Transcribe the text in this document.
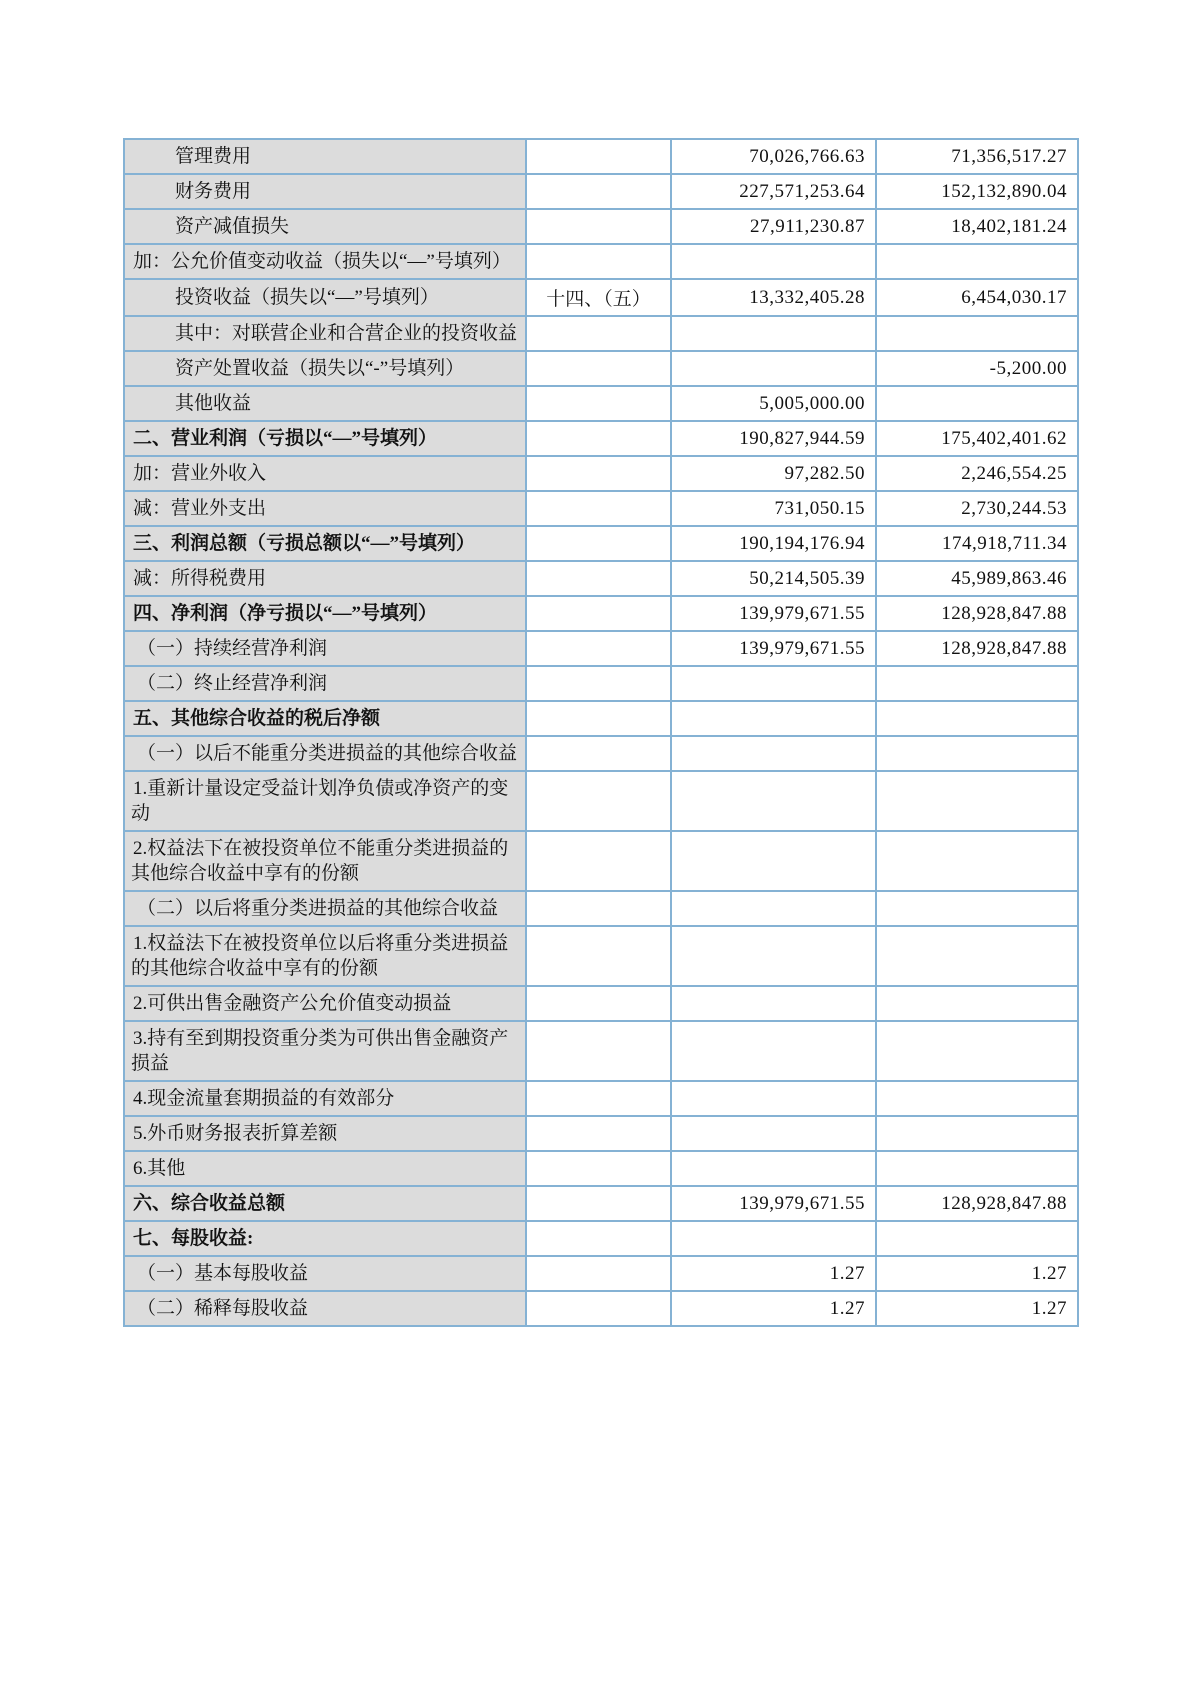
管理费用		70,026,766.63	71,356,517.27
财务费用		227,571,253.64	152,132,890.04
资产减值损失		27,911,230.87	18,402,181.24
加：公允价值变动收益（损失以“—”号填列）			
投资收益（损失以“—”号填列）	十四、（五）	13,332,405.28	6,454,030.17
其中：对联营企业和合营企业的投资收益			
资产处置收益（损失以“-”号填列）			-5,200.00
其他收益		5,005,000.00	
二、营业利润（亏损以“—”号填列）		190,827,944.59	175,402,401.62
加：营业外收入		97,282.50	2,246,554.25
减：营业外支出		731,050.15	2,730,244.53
三、利润总额（亏损总额以“—”号填列）		190,194,176.94	174,918,711.34
减：所得税费用		50,214,505.39	45,989,863.46
四、净利润（净亏损以“—”号填列）		139,979,671.55	128,928,847.88
（一）持续经营净利润		139,979,671.55	128,928,847.88
（二）终止经营净利润			
五、其他综合收益的税后净额			
（一）以后不能重分类进损益的其他综合收益			
1.重新计量设定受益计划净负债或净资产的变动			
2.权益法下在被投资单位不能重分类进损益的其他综合收益中享有的份额			
（二）以后将重分类进损益的其他综合收益			
1.权益法下在被投资单位以后将重分类进损益的其他综合收益中享有的份额			
2.可供出售金融资产公允价值变动损益			
3.持有至到期投资重分类为可供出售金融资产损益			
4.现金流量套期损益的有效部分			
5.外币财务报表折算差额			
6.其他			
六、综合收益总额		139,979,671.55	128,928,847.88
七、每股收益:			
（一）基本每股收益		1.27	1.27
（二）稀释每股收益		1.27	1.27
